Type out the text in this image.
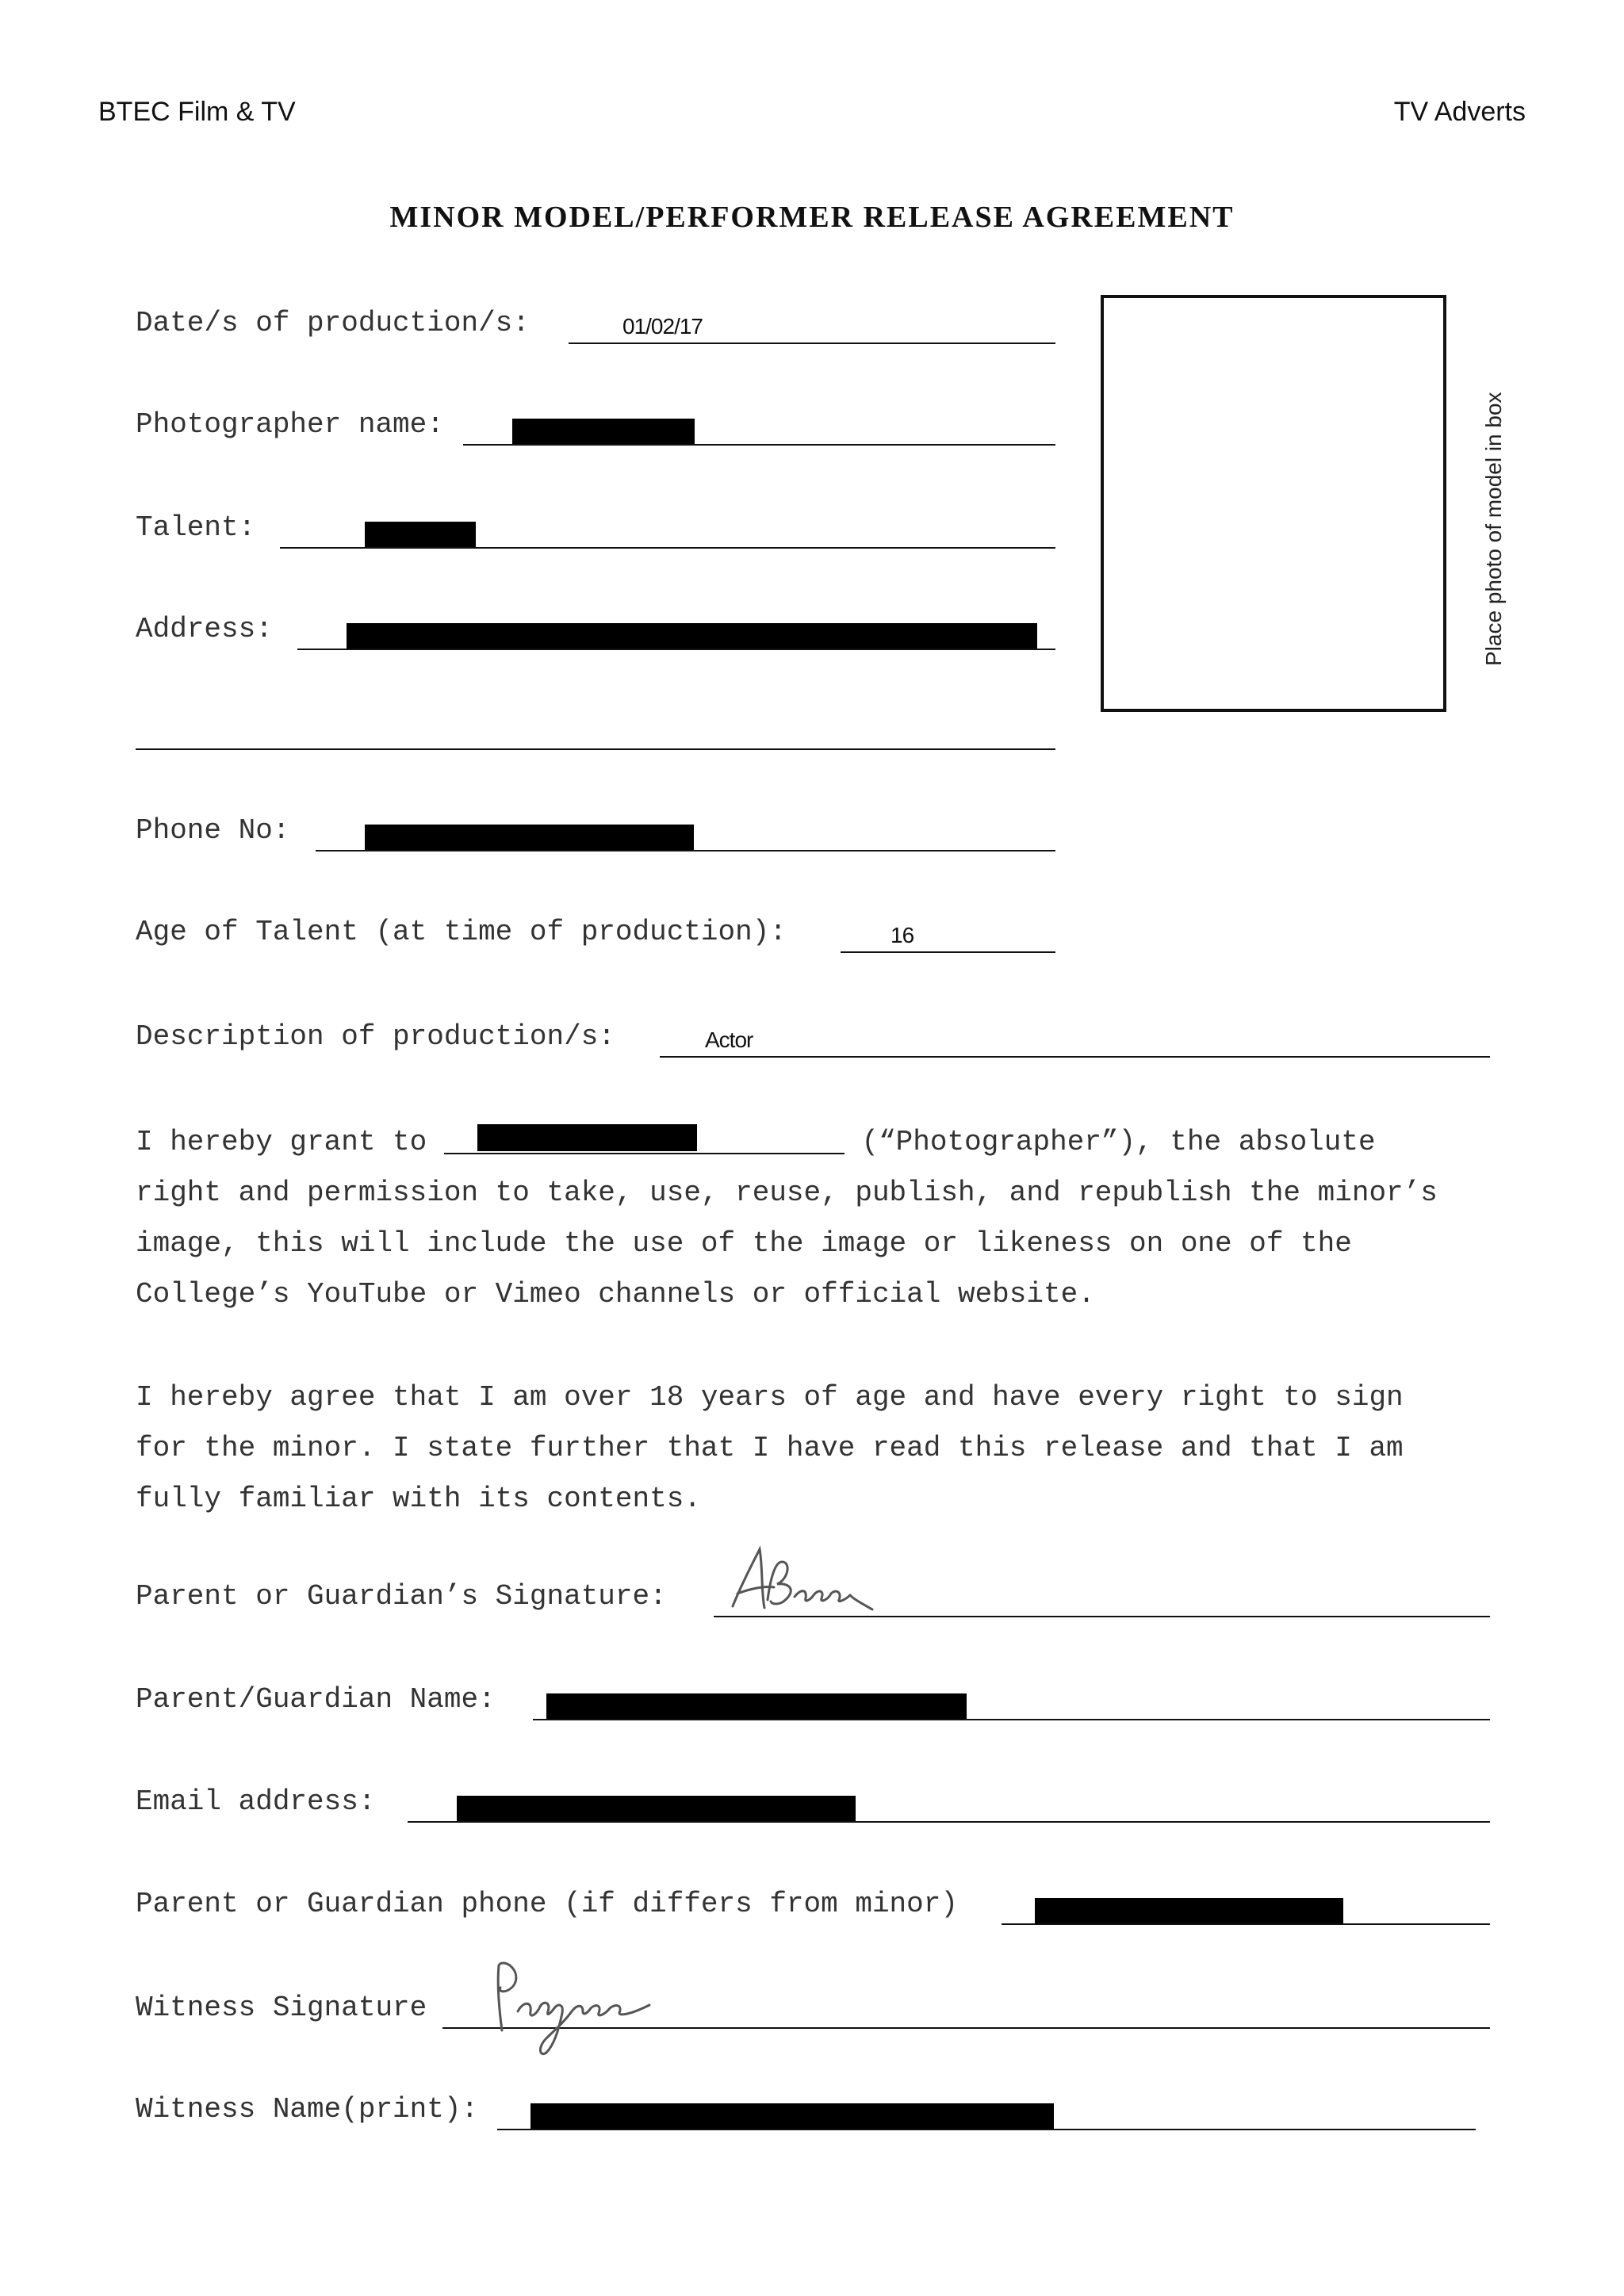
BTEC Film & TV	TV Adverts
MINOR MODEL/PERFORMER RELEASE AGREEMENT
Place photo of model in box
Date/s of production/s:	01/02/17
Photographer name:
Talent:
Address:
Phone No:
Age of Talent (at time of production):	16
Description of production/s:	Actor
I hereby grant to	(“Photographer”), the absolute
right and permission to take, use, reuse, publish, and republish the minor’s
image, this will include the use of the image or likeness on one of the
College’s YouTube or Vimeo channels or official website.
I hereby agree that I am over 18 years of age and have every right to sign
for the minor. I state further that I have read this release and that I am
fully familiar with its contents.
Parent or Guardian’s Signature:
Parent/Guardian Name:
Email address:
Parent or Guardian phone (if differs from minor)
Witness Signature
Witness Name(print):
